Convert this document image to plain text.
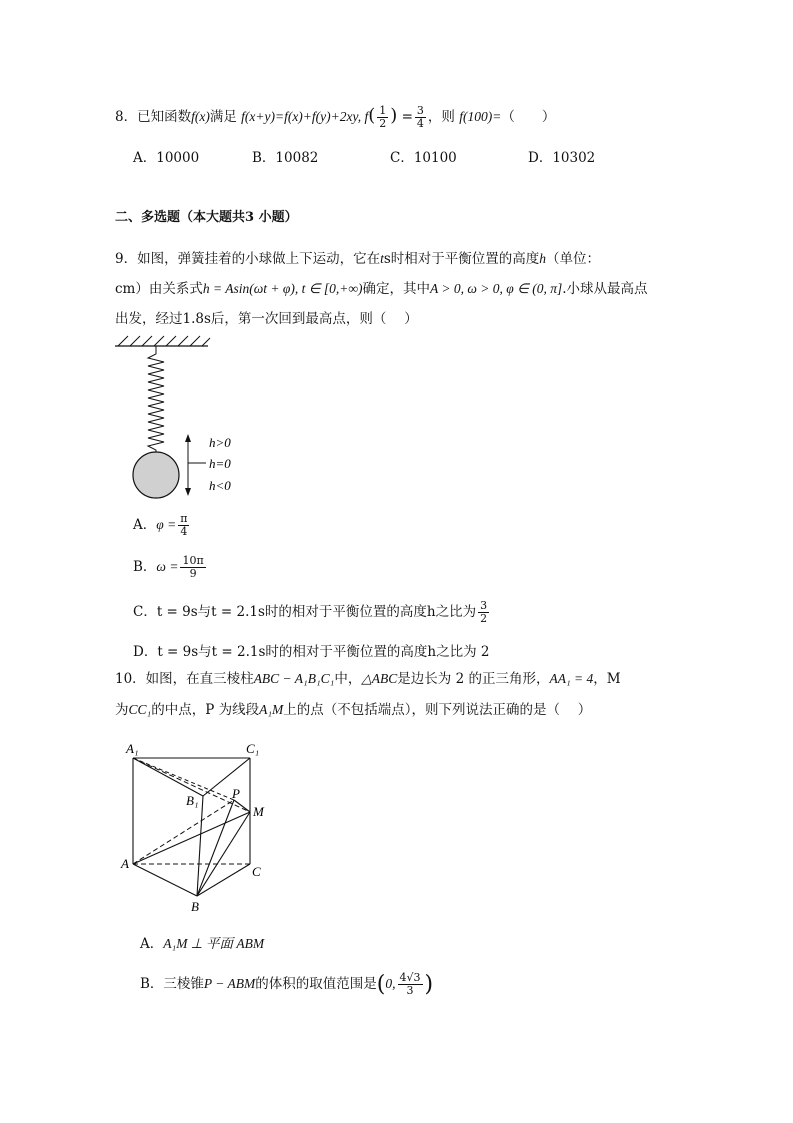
8．已知函数f(x)满足 f(x+y)=f(x)+f(y)+2xy, $f( \frac{1}{2}$ ) = $\frac{3}{4}$ ，则 f(100)=（　　）
A．10000	B．10082	C．10100	D．10302
二、多选题（本大题共3 小题）
9．如图，弹簧挂着的小球做上下运动，它在ts时相对于平衡位置的高度h（单位：
cm）由关系式h = Asin(ωt + φ), t ∈ [0,+∞)确定，其中A > 0, ω > 0, φ ∈ (0, π].小球从最高点
出发，经过1.8s后，第一次回到最高点，则（　 ）
h>0
h=0
h<0
A．$\varphi = \frac{\pi}{4}$
B．$\omega = \frac{10\pi}{9}$
C．t = 9s与t = 2.1s时的相对于平衡位置的高度h之比为 $\frac{3}{2}$
D．t = 9s与t = 2.1s时的相对于平衡位置的高度h之比为 2
10．如图，在直三棱柱ABC − A₁B₁C₁中，△ABC是边长为 2 的正三角形，AA₁ = 4，M
为CC₁的中点，P 为线段A₁M上的点（不包括端点），则下列说法正确的是（　 ）
A₁	C₁
B₁	P
M
A
C
B
A．A₁M ⊥ 平面 ABM
B．三棱锥P − ABM的体积的取值范围是(0, $\frac{4√3}{3}$ )
